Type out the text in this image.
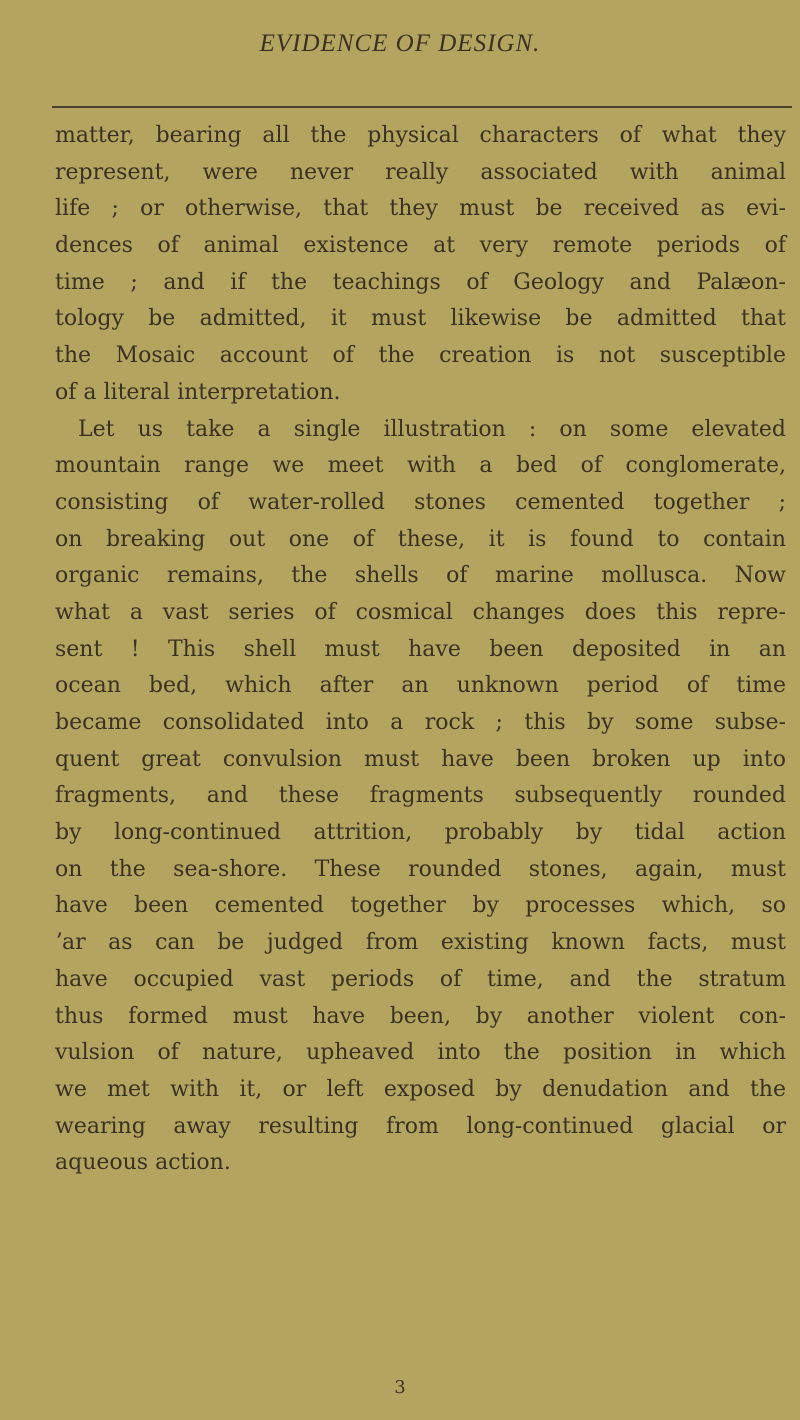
EVIDENCE OF DESIGN.
matter, bearing all the physical characters of what they
represent, were never really associated with animal
life ; or otherwise, that they must be received as evi-
dences of animal existence at very remote periods of
time ; and if the teachings of Geology and Palæon-
tology be admitted, it must likewise be admitted that
the Mosaic account of the creation is not susceptible
of a literal interpretation.
Let us take a single illustration : on some elevated
mountain range we meet with a bed of conglomerate,
consisting of water-rolled stones cemented together ;
on breaking out one of these, it is found to contain
organic remains, the shells of marine mollusca. Now
what a vast series of cosmical changes does this repre-
sent ! This shell must have been deposited in an
ocean bed, which after an unknown period of time
became consolidated into a rock ; this by some subse-
quent great convulsion must have been broken up into
fragments, and these fragments subsequently rounded
by long-continued attrition, probably by tidal action
on the sea-shore. These rounded stones, again, must
have been cemented together by processes which, so
ʼar as can be judged from existing known facts, must
have occupied vast periods of time, and the stratum
thus formed must have been, by another violent con-
vulsion of nature, upheaved into the position in which
we met with it, or left exposed by denudation and the
wearing away resulting from long-continued glacial or
aqueous action.
3
